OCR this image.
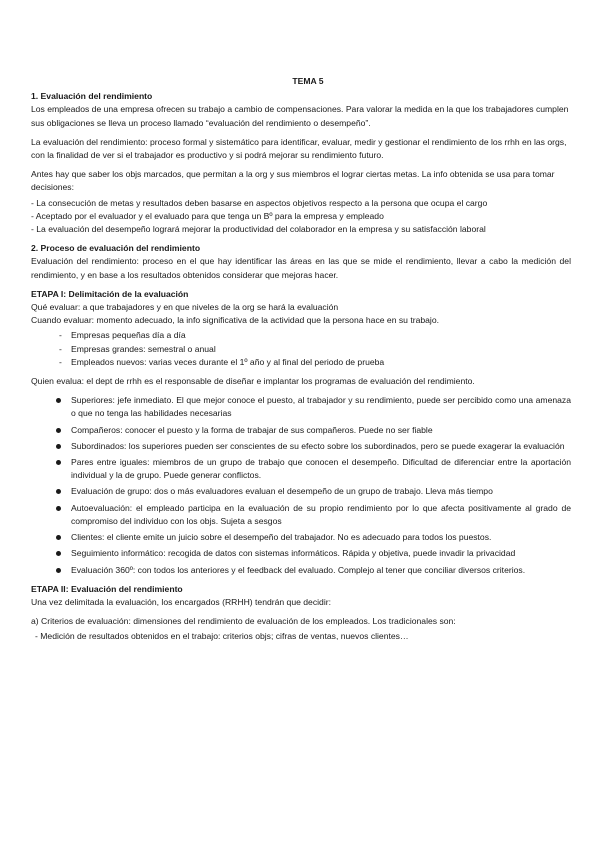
TEMA 5

1. Evaluación del rendimiento

Los empleados de una empresa ofrecen su trabajo a cambio de compensaciones. Para valorar la medida en la que los trabajadores cumplen sus obligaciones se lleva un proceso llamado “evaluación del rendimiento o desempeño”.

La evaluación del rendimiento: proceso formal y sistemático para identificar, evaluar, medir y gestionar el rendimiento de los rrhh en las orgs, con la finalidad de ver si el trabajador es productivo y si podrá mejorar su rendimiento futuro.

Antes hay que saber los objs marcados, que permitan a la org y sus miembros el lograr ciertas metas. La info obtenida se usa para tomar decisiones:

- La consecución de metas y resultados deben basarse en aspectos objetivos respecto a la persona que ocupa el cargo

- Aceptado por el evaluador y el evaluado para que tenga un Bº para la empresa y empleado

- La evaluación del desempeño logrará mejorar la productividad del colaborador en la empresa y su satisfacción laboral

2. Proceso de evaluación del rendimiento

Evaluación del rendimiento: proceso en el que hay identificar las áreas en las que se mide el rendimiento, llevar a cabo la medición del rendimiento, y en base a los resultados obtenidos considerar que mejoras hacer.

ETAPA I: Delimitación de la evaluación

Qué evaluar: a que trabajadores y en que niveles de la org se hará la evaluación

Cuando evaluar: momento adecuado, la info significativa de la actividad que la persona hace en su trabajo.

- Empresas pequeñas día a día
- Empresas grandes: semestral o anual
- Empleados nuevos: varias veces durante el 1º año y al final del periodo de prueba

Quien evalua: el dept de rrhh es el responsable de diseñar e implantar los programas de evaluación del rendimiento.

Superiores: jefe inmediato. El que mejor conoce el puesto, al trabajador y su rendimiento, puede ser percibido como una amenaza o que no tenga las habilidades necesarias
Compañeros: conocer el puesto y la forma de trabajar de sus compañeros. Puede no ser fiable
Subordinados: los superiores pueden ser conscientes de su efecto sobre los subordinados, pero se puede exagerar la evaluación
Pares entre iguales: miembros de un grupo de trabajo que conocen el desempeño. Dificultad de diferenciar entre la aportación individual y la de grupo. Puede generar conflictos.
Evaluación de grupo: dos o más evaluadores evaluan el desempeño de un grupo de trabajo. Lleva más tiempo
Autoevaluación: el empleado participa en la evaluación de su propio rendimiento por lo que afecta positivamente al grado de compromiso del individuo con los objs. Sujeta a sesgos
Clientes: el cliente emite un juicio sobre el desempeño del trabajador. No es adecuado para todos los puestos.
Seguimiento informático: recogida de datos con sistemas informáticos. Rápida y objetiva, puede invadir la privacidad
Evaluación 360º: con todos los anteriores y el feedback del evaluado. Complejo al tener que conciliar diversos criterios.

ETAPA II: Evaluación del rendimiento

Una vez delimitada la evaluación, los encargados (RRHH) tendrán que decidir:

a) Criterios de evaluación: dimensiones del rendimiento de evaluación de los empleados. Los tradicionales son:

- Medición de resultados obtenidos en el trabajo: criterios objs; cifras de ventas, nuevos clientes…
